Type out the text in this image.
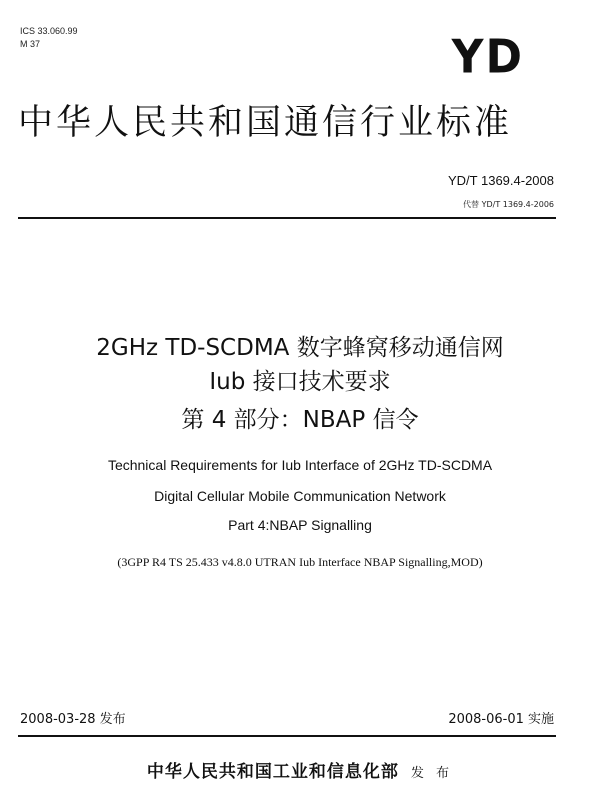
ICS 33.060.99
M 37	YD
中华人民共和国通信行业标准
YD/T 1369.4-2008
代替 YD/T 1369.4-2006
2GHz TD-SCDMA 数字蜂窝移动通信网
Iub 接口技术要求
第 4 部分：NBAP 信令
Technical Requirements for Iub Interface of 2GHz TD-SCDMA
Digital Cellular Mobile Communication Network
Part 4:NBAP Signalling
(3GPP R4 TS 25.433 v4.8.0 UTRAN Iub Interface NBAP Signalling,MOD)
2008-03-28 发布	2008-06-01 实施
中华人民共和国工业和信息化部 发 布
